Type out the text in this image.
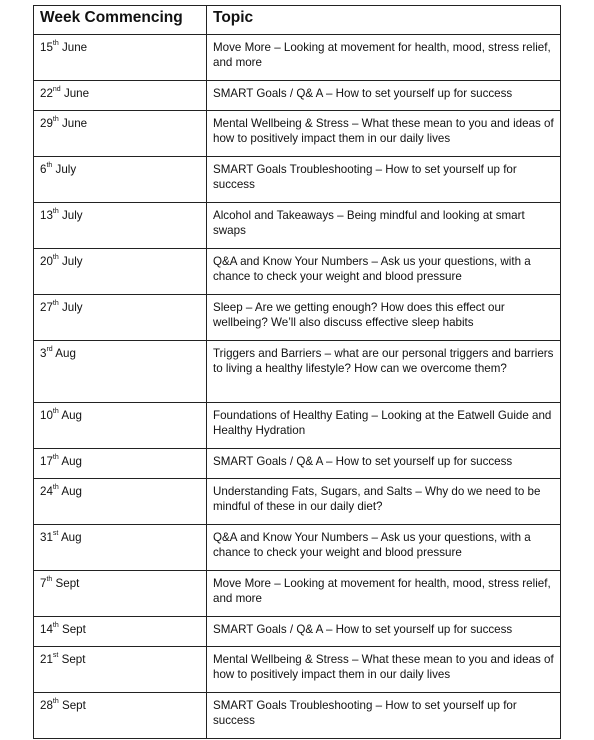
Week Commencing	Topic
15th June	Move More – Looking at movement for health, mood, stress relief, and more
22nd June	SMART Goals / Q& A – How to set yourself up for success
29th June	Mental Wellbeing & Stress – What these mean to you and ideas of how to positively impact them in our daily lives
6th July	SMART Goals Troubleshooting – How to set yourself up for success
13th July	Alcohol and Takeaways – Being mindful and looking at smart swaps
20th July	Q&A and Know Your Numbers – Ask us your questions, with a chance to check your weight and blood pressure
27th July	Sleep – Are we getting enough? How does this effect our wellbeing? We’ll also discuss effective sleep habits
3rd Aug	Triggers and Barriers – what are our personal triggers and barriers to living a healthy lifestyle? How can we overcome them?
10th Aug	Foundations of Healthy Eating – Looking at the Eatwell Guide and Healthy Hydration
17th Aug	SMART Goals / Q& A – How to set yourself up for success
24th Aug	Understanding Fats, Sugars, and Salts – Why do we need to be mindful of these in our daily diet?
31st Aug	Q&A and Know Your Numbers – Ask us your questions, with a chance to check your weight and blood pressure
7th Sept	Move More – Looking at movement for health, mood, stress relief, and more
14th Sept	SMART Goals / Q& A – How to set yourself up for success
21st Sept	Mental Wellbeing & Stress – What these mean to you and ideas of how to positively impact them in our daily lives
28th Sept	SMART Goals Troubleshooting – How to set yourself up for success
